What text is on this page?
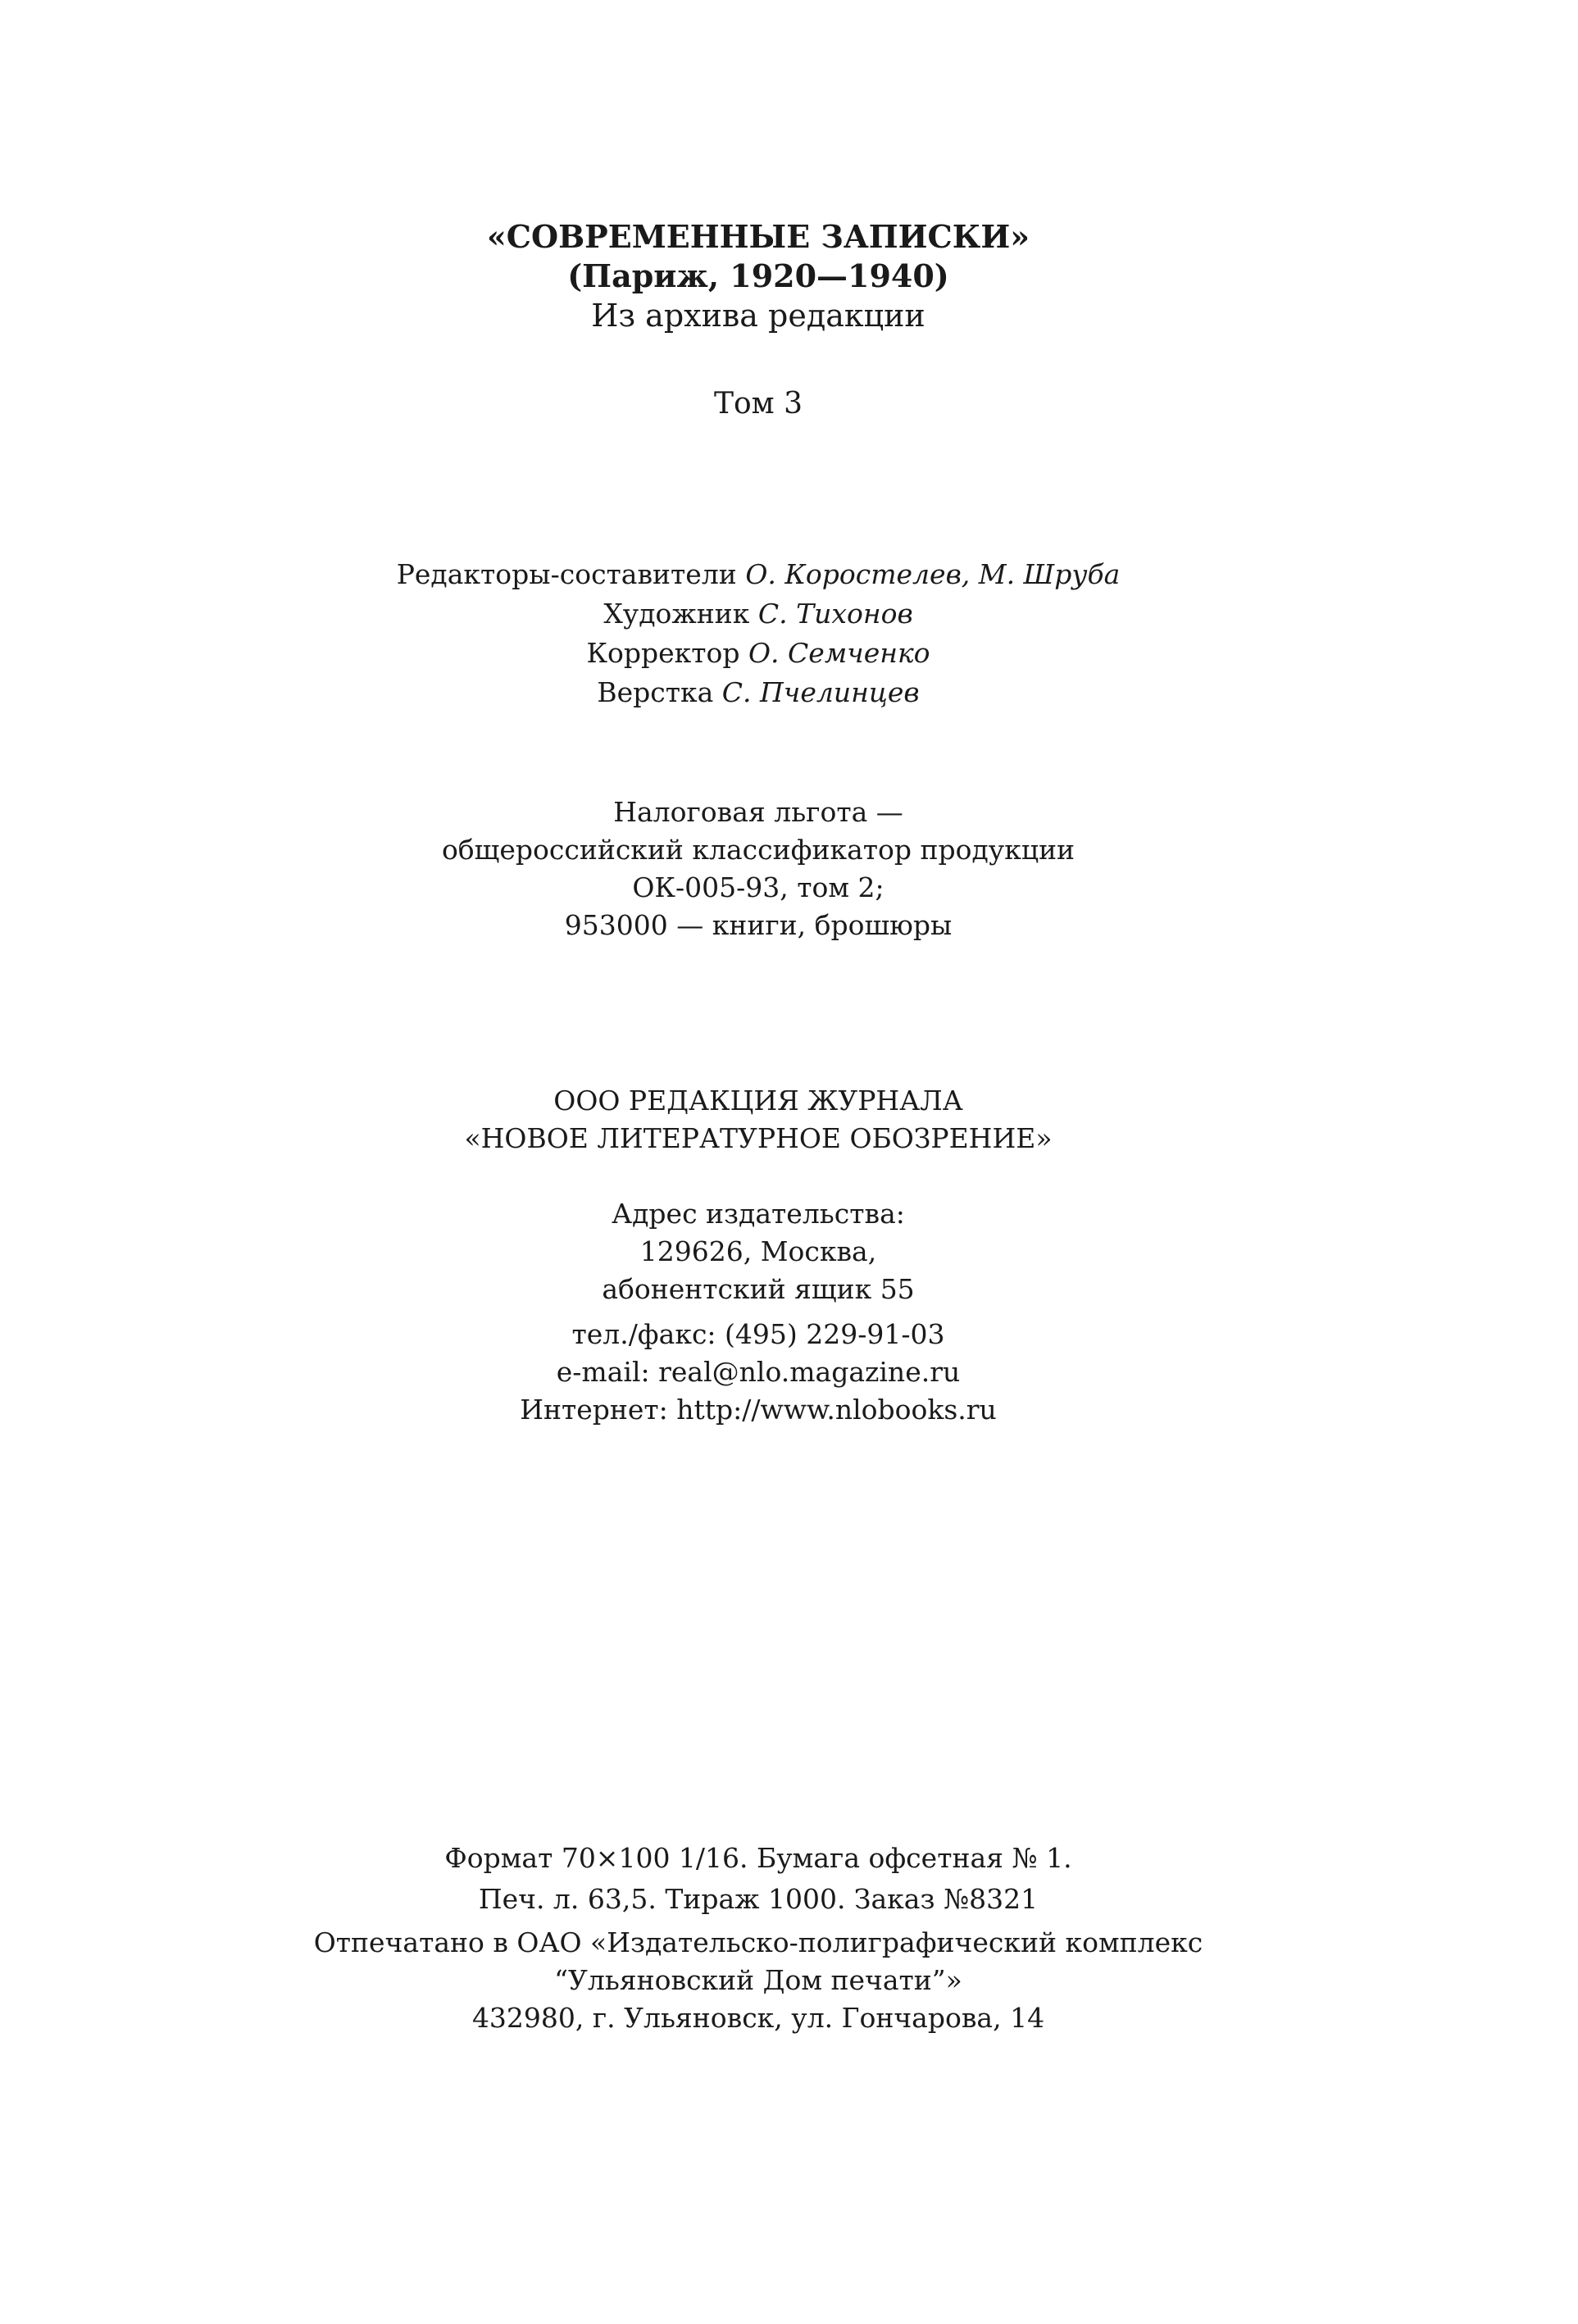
«СОВРЕМЕННЫЕ ЗАПИСКИ»
(Париж, 1920—1940)
Из архива редакции
Том 3
Редакторы-составители О. Коростелев, М. Шруба
Художник С. Тихонов
Корректор О. Семченко
Верстка С. Пчелинцев
Налоговая льгота —
общероссийский классификатор продукции
ОК-005-93, том 2;
953000 — книги, брошюры
ООО РЕДАКЦИЯ ЖУРНАЛА
«НОВОЕ ЛИТЕРАТУРНОЕ ОБОЗРЕНИЕ»
Адрес издательства:
129626, Москва,
абонентский ящик 55
тел./факс: (495) 229-91-03
e-mail: real@nlo.magazine.ru
Интернет: http://www.nlobooks.ru
Формат 70×100 1/16. Бумага офсетная № 1.
Печ. л. 63,5. Тираж 1000. Заказ №8321
Отпечатано в ОАО «Издательско-полиграфический комплекс
“Ульяновский Дом печати”»
432980, г. Ульяновск, ул. Гончарова, 14
